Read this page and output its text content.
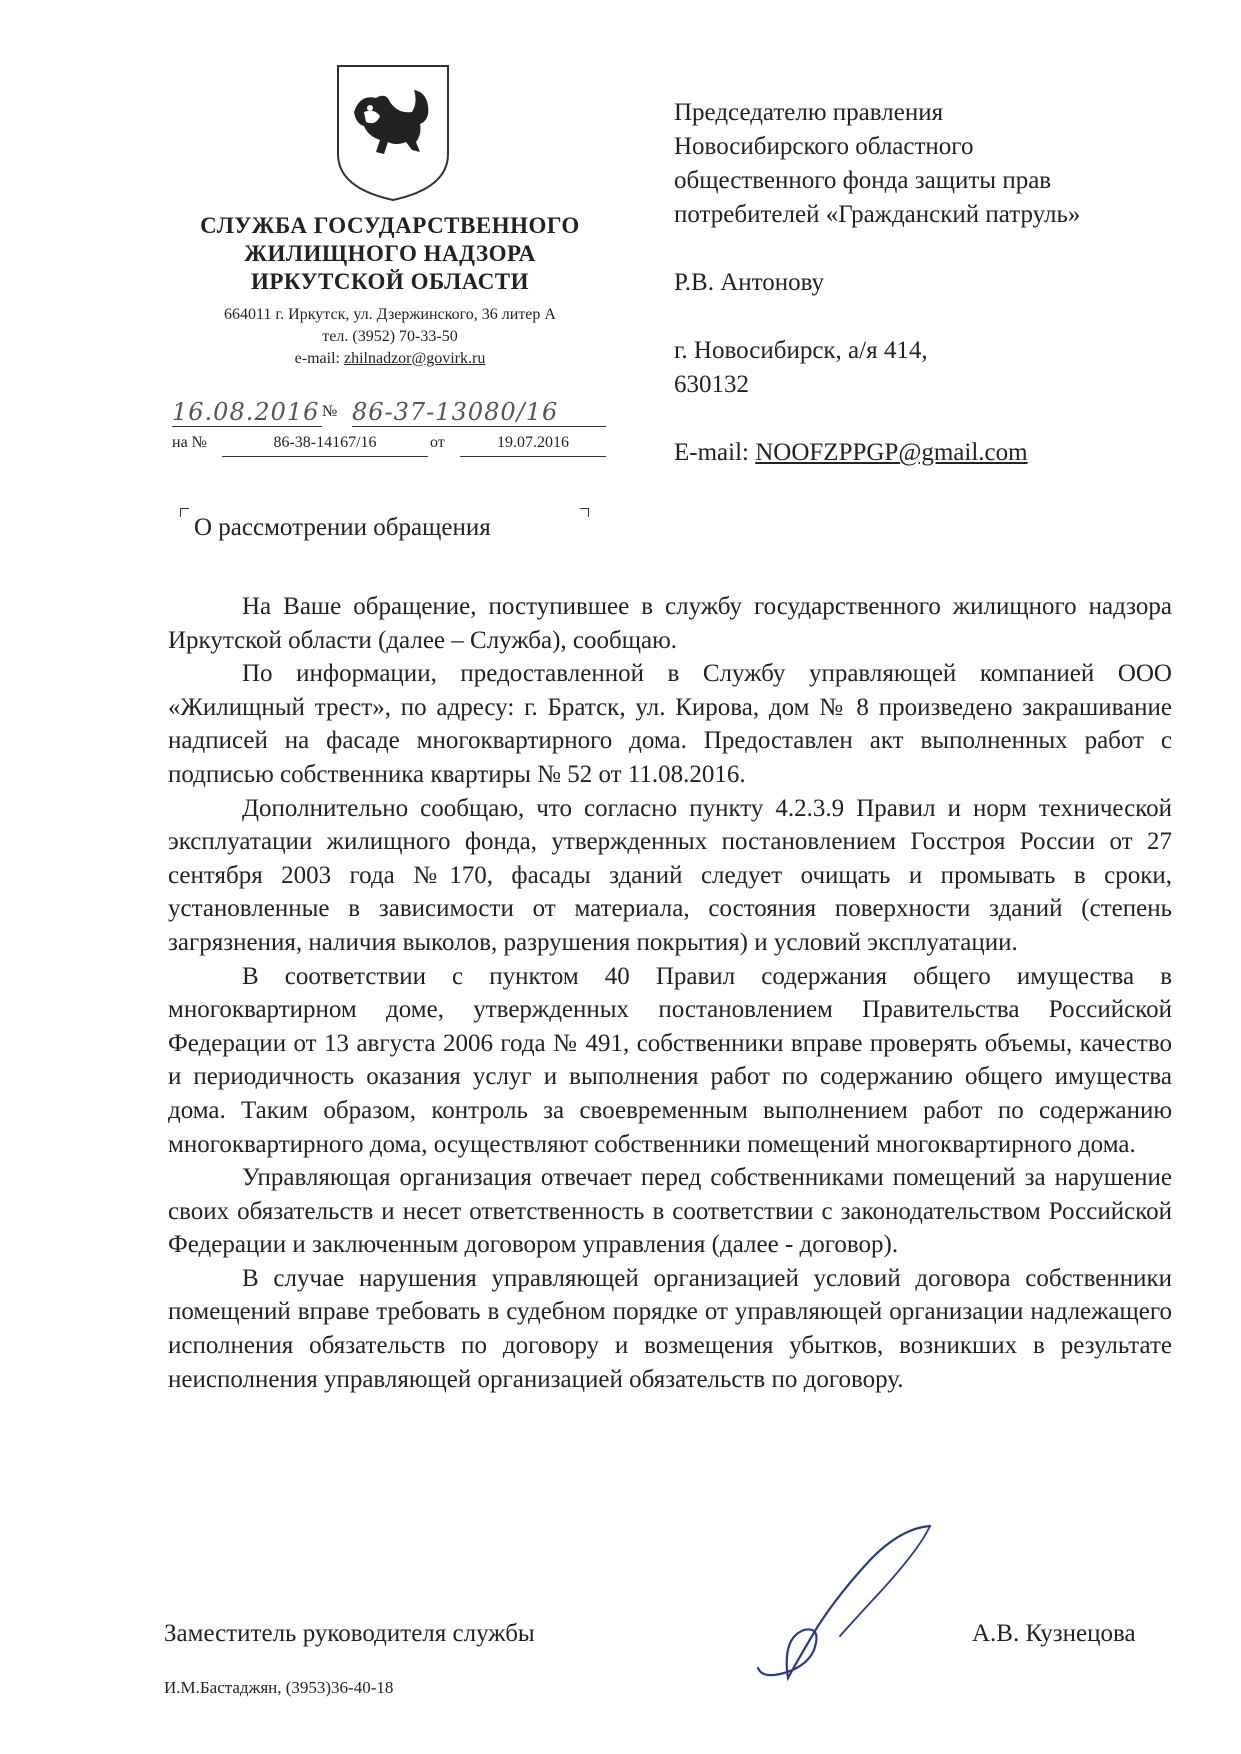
СЛУЖБА ГОСУДАРСТВЕННОГО
ЖИЛИЩНОГО НАДЗОРА
ИРКУТСКОЙ ОБЛАСТИ
664011 г. Иркутск, ул. Дзержинского, 36 литер А
тел. (3952) 70-33-50
e-mail: zhilnadzor@govirk.ru
16.08.2016 № 86-37-13080/16
на №	86-38-14167/16	от	19.07.2016

Председателю правления

Новосибирского областного

общественного фонда защиты прав

потребителей «Гражданский патруль»

Р.В. Антонову

г. Новосибирск, а/я 414,

630132

E-mail: NOOFZPPGP@gmail.com

О рассмотрении обращения

На Ваше обращение, поступившее в службу государственного жилищного надзора Иркутской области (далее – Служба), сообщаю.

По информации, предоставленной в Службу управляющей компанией ООО «Жилищный трест», по адресу: г. Братск, ул. Кирова, дом № 8 произведено закрашивание надписей на фасаде многоквартирного дома. Предоставлен акт выполненных работ с подписью собственника квартиры № 52 от 11.08.2016.

Дополнительно сообщаю, что согласно пункту 4.2.3.9 Правил и норм технической эксплуатации жилищного фонда, утвержденных постановлением Госстроя России от 27 сентября 2003 года №170, фасады зданий следует очищать и промывать в сроки, установленные в зависимости от материала, состояния поверхности зданий (степень загрязнения, наличия выколов, разрушения покрытия) и условий эксплуатации.

В соответствии с пунктом 40 Правил содержания общего имущества в многоквартирном доме, утвержденных постановлением Правительства Российской Федерации от 13 августа 2006 года № 491, собственники вправе проверять объемы, качество и периодичность оказания услуг и выполнения работ по содержанию общего имущества дома. Таким образом, контроль за своевременным выполнением работ по содержанию многоквартирного дома, осуществляют собственники помещений многоквартирного дома.

Управляющая организация отвечает перед собственниками помещений за нарушение своих обязательств и несет ответственность в соответствии с законодательством Российской Федерации и заключенным договором управления (далее - договор).

В случае нарушения управляющей организацией условий договора собственники помещений вправе требовать в судебном порядке от управляющей организации надлежащего исполнения обязательств по договору и возмещения убытков, возникших в результате неисполнения управляющей организацией обязательств по договору.

Заместитель руководителя службы	А.В. Кузнецова
И.М.Бастаджян, (3953)36-40-18
